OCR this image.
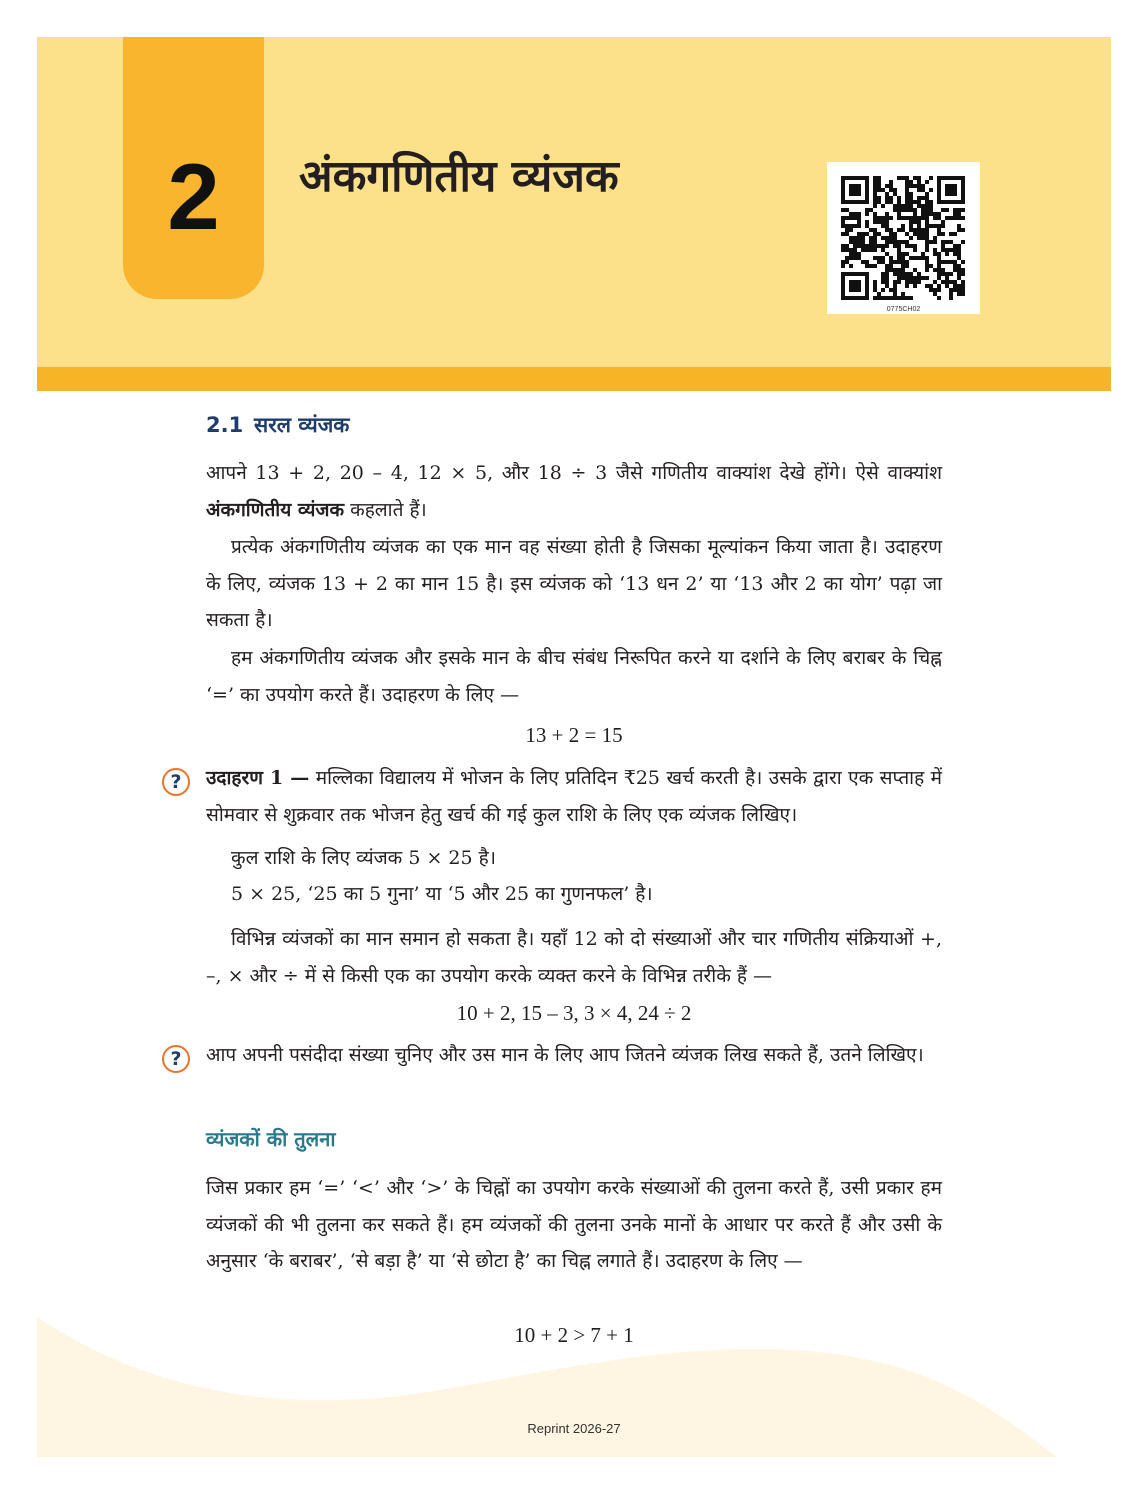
2	अंकगणितीय व्यंजक
0775CH02
2.1 सरल व्यंजक

आपने 13 + 2, 20 – 4, 12 × 5, और 18 ÷ 3 जैसे गणितीय वाक्यांश देखे होंगे। ऐसे वाक्यांश अंकगणितीय व्यंजक कहलाते हैं।

प्रत्येक अंकगणितीय व्यंजक का एक मान वह संख्या होती है जिसका मूल्यांकन किया जाता है। उदाहरण के लिए, व्यंजक 13 + 2 का मान 15 है। इस व्यंजक को ‘13 धन 2’ या ‘13 और 2 का योग’ पढ़ा जा सकता है।

हम अंकगणितीय व्यंजक और इसके मान के बीच संबंध निरूपित करने या दर्शाने के लिए बराबर के चिह्न ‘=’ का उपयोग करते हैं। उदाहरण के लिए —

13 + 2 = 15
?	उदाहरण 1 — मल्लिका विद्यालय में भोजन के लिए प्रतिदिन ₹25 खर्च करती है। उसके द्वारा एक सप्ताह में सोमवार से शुक्रवार तक भोजन हेतु खर्च की गई कुल राशि के लिए एक व्यंजक लिखिए।

कुल राशि के लिए व्यंजक 5 × 25 है।

5 × 25, ‘25 का 5 गुना’ या ‘5 और 25 का गुणनफल’ है।

विभिन्न व्यंजकों का मान समान हो सकता है। यहाँ 12 को दो संख्याओं और चार गणितीय संक्रियाओं +, –, × और ÷ में से किसी एक का उपयोग करके व्यक्त करने के विभिन्न तरीके हैं —

10 + 2, 15 – 3, 3 × 4, 24 ÷ 2
?	आप अपनी पसंदीदा संख्या चुनिए और उस मान के लिए आप जितने व्यंजक लिख सकते हैं, उतने लिखिए।

व्यंजकों की तुलना

जिस प्रकार हम ‘=’ ‘<’ और ‘>’ के चिह्नों का उपयोग करके संख्याओं की तुलना करते हैं, उसी प्रकार हम व्यंजकों की भी तुलना कर सकते हैं। हम व्यंजकों की तुलना उनके मानों के आधार पर करते हैं और उसी के अनुसार ‘के बराबर’, ‘से बड़ा है’ या ‘से छोटा है’ का चिह्न लगाते हैं। उदाहरण के लिए —

10 + 2 > 7 + 1
Reprint 2026-27
